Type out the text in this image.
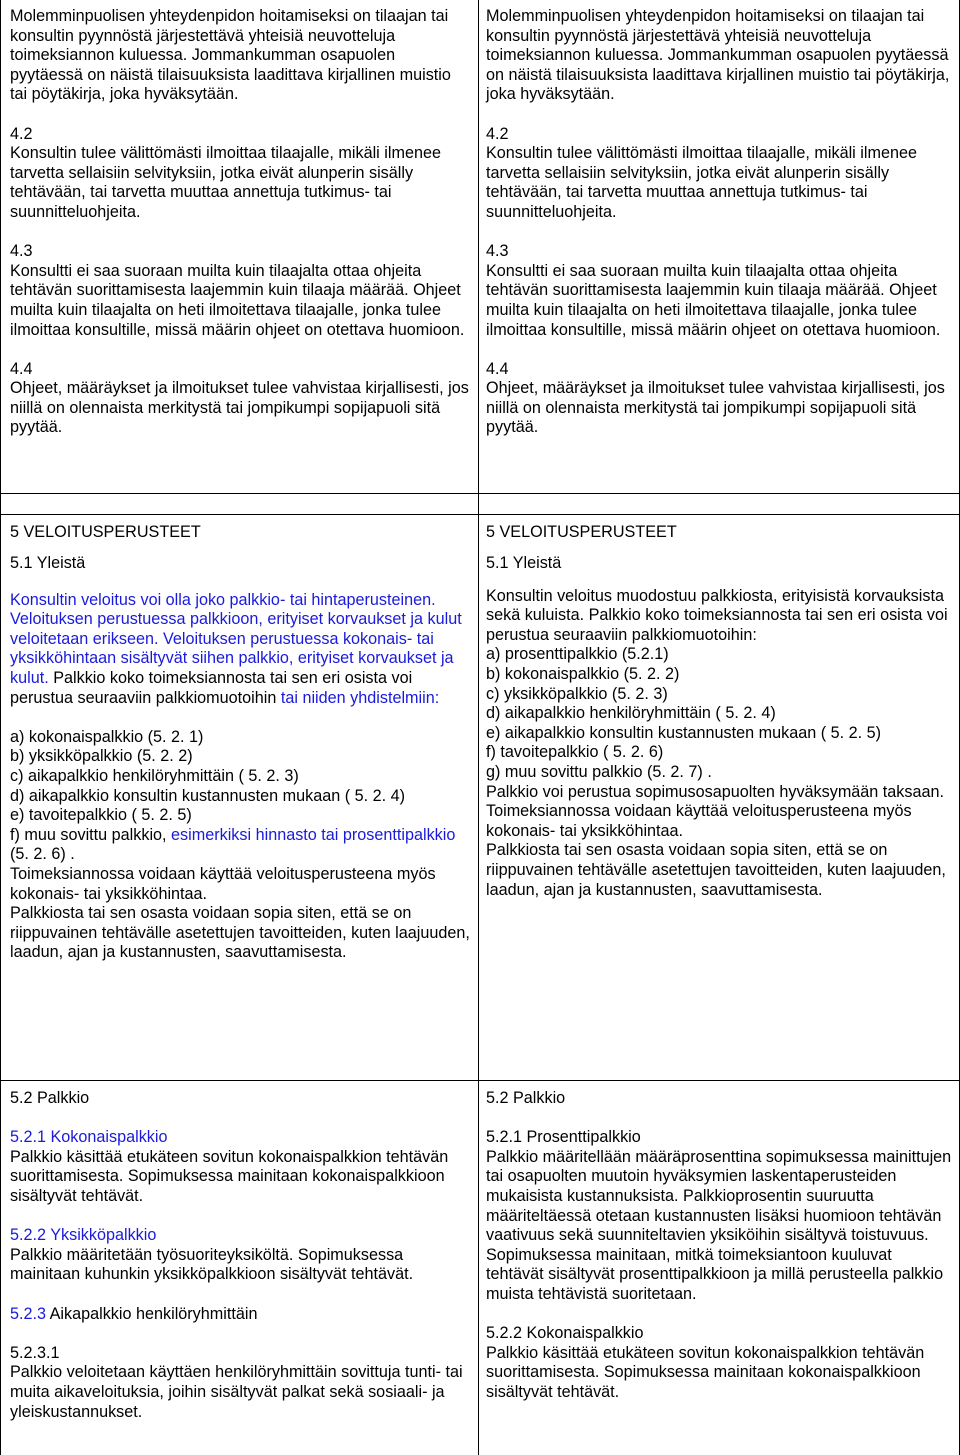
Molemminpuolisen yhteydenpidon hoitamiseksi on tilaajan tai konsultin pyynnöstä järjestettävä yhteisiä neuvotteluja toimeksiannon kuluessa. Jommankumman osapuolen pyytäessä on näistä tilaisuuksista laadittava kirjallinen muistio tai pöytäkirja, joka hyväksytään.

4.2

Konsultin tulee välittömästi ilmoittaa tilaajalle, mikäli ilmenee tarvetta sellaisiin selvityksiin, jotka eivät alunperin sisälly tehtävään, tai tarvetta muuttaa annettuja tutkimus- tai suunnitteluohjeita.

4.3

Konsultti ei saa suoraan muilta kuin tilaajalta ottaa ohjeita tehtävän suorittamisesta laajemmin kuin tilaaja määrää. Ohjeet muilta kuin tilaajalta on heti ilmoitettava tilaajalle, jonka tulee ilmoittaa konsultille, missä määrin ohjeet on otettava huomioon.

4.4

Ohjeet, määräykset ja ilmoitukset tulee vahvistaa kirjallisesti, jos niillä on olennaista merkitystä tai jompikumpi sopijapuoli sitä pyytää.

Molemminpuolisen yhteydenpidon hoitamiseksi on tilaajan tai konsultin pyynnöstä järjestettävä yhteisiä neuvotteluja toimeksiannon kuluessa. Jommankumman osapuolen pyytäessä on näistä tilaisuuksista laadittava kirjallinen muistio tai pöytäkirja, joka hyväksytään.

4.2

Konsultin tulee välittömästi ilmoittaa tilaajalle, mikäli ilmenee tarvetta sellaisiin selvityksiin, jotka eivät alunperin sisälly tehtävään, tai tarvetta muuttaa annettuja tutkimus- tai suunnitteluohjeita.

4.3

Konsultti ei saa suoraan muilta kuin tilaajalta ottaa ohjeita tehtävän suorittamisesta laajemmin kuin tilaaja määrää. Ohjeet muilta kuin tilaajalta on heti ilmoitettava tilaajalle, jonka tulee ilmoittaa konsultille, missä määrin ohjeet on otettava huomioon.

4.4

Ohjeet, määräykset ja ilmoitukset tulee vahvistaa kirjallisesti, jos niillä on olennaista merkitystä tai jompikumpi sopijapuoli sitä pyytää.

5 VELOITUSPERUSTEET

5.1 Yleistä

Konsultin veloitus voi olla joko palkkio- tai hintaperusteinen. Veloituksen perustuessa palkkioon, erityiset korvaukset ja kulut veloitetaan erikseen. Veloituksen perustuessa kokonais- tai yksikköhintaan sisältyvät siihen palkkio, erityiset korvaukset ja kulut. Palkkio koko toimeksiannosta tai sen eri osista voi perustua seuraaviin palkkiomuotoihin tai niiden yhdistelmiin:

a) kokonaispalkkio (5. 2. 1)

b) yksikköpalkkio (5. 2. 2)

c) aikapalkkio henkilöryhmittäin ( 5. 2. 3)

d) aikapalkkio konsultin kustannusten mukaan ( 5. 2. 4)

e) tavoitepalkkio ( 5. 2. 5)

f) muu sovittu palkkio, esimerkiksi hinnasto tai prosenttipalkkio (5. 2. 6) .

Toimeksiannossa voidaan käyttää veloitusperusteena myös kokonais- tai yksikköhintaa.

Palkkiosta tai sen osasta voidaan sopia siten, että se on riippuvainen tehtävälle asetettujen tavoitteiden, kuten laajuuden, laadun, ajan ja kustannusten, saavuttamisesta.

5 VELOITUSPERUSTEET

5.1 Yleistä

Konsultin veloitus muodostuu palkkiosta, erityisistä korvauksista sekä kuluista. Palkkio koko toimeksiannosta tai sen eri osista voi perustua seuraaviin palkkiomuotoihin:

a) prosenttipalkkio (5.2.1)

b) kokonaispalkkio (5. 2. 2)

c) yksikköpalkkio (5. 2. 3)

d) aikapalkkio henkilöryhmittäin ( 5. 2. 4)

e) aikapalkkio konsultin kustannusten mukaan ( 5. 2. 5)

f) tavoitepalkkio ( 5. 2. 6)

g) muu sovittu palkkio (5. 2. 7) .

Palkkio voi perustua sopimusosapuolten hyväksymään taksaan.

Toimeksiannossa voidaan käyttää veloitusperusteena myös kokonais- tai yksikköhintaa.

Palkkiosta tai sen osasta voidaan sopia siten, että se on riippuvainen tehtävälle asetettujen tavoitteiden, kuten laajuuden, laadun, ajan ja kustannusten, saavuttamisesta.

5.2 Palkkio

5.2.1 Kokonaispalkkio

Palkkio käsittää etukäteen sovitun kokonaispalkkion tehtävän suorittamisesta. Sopimuksessa mainitaan kokonaispalkkioon sisältyvät tehtävät.

5.2.2 Yksikköpalkkio

Palkkio määritetään työsuoriteyksiköltä. Sopimuksessa mainitaan kuhunkin yksikköpalkkioon sisältyvät tehtävät.

5.2.3 Aikapalkkio henkilöryhmittäin

5.2.3.1

Palkkio veloitetaan käyttäen henkilöryhmittäin sovittuja tunti- tai muita aikaveloituksia, joihin sisältyvät palkat sekä sosiaali- ja yleiskustannukset.

5.2 Palkkio

5.2.1 Prosenttipalkkio

Palkkio määritellään määräprosenttina sopimuksessa mainittujen tai osapuolten muutoin hyväksymien laskentaperusteiden mukaisista kustannuksista. Palkkioprosentin suuruutta määriteltäessä otetaan kustannusten lisäksi huomioon tehtävän vaativuus sekä suunniteltavien yksiköihin sisältyvä toistuvuus. Sopimuksessa mainitaan, mitkä toimeksiantoon kuuluvat tehtävät sisältyvät prosenttipalkkioon ja millä perusteella palkkio muista tehtävistä suoritetaan.

5.2.2 Kokonaispalkkio

Palkkio käsittää etukäteen sovitun kokonaispalkkion tehtävän suorittamisesta. Sopimuksessa mainitaan kokonaispalkkioon sisältyvät tehtävät.
